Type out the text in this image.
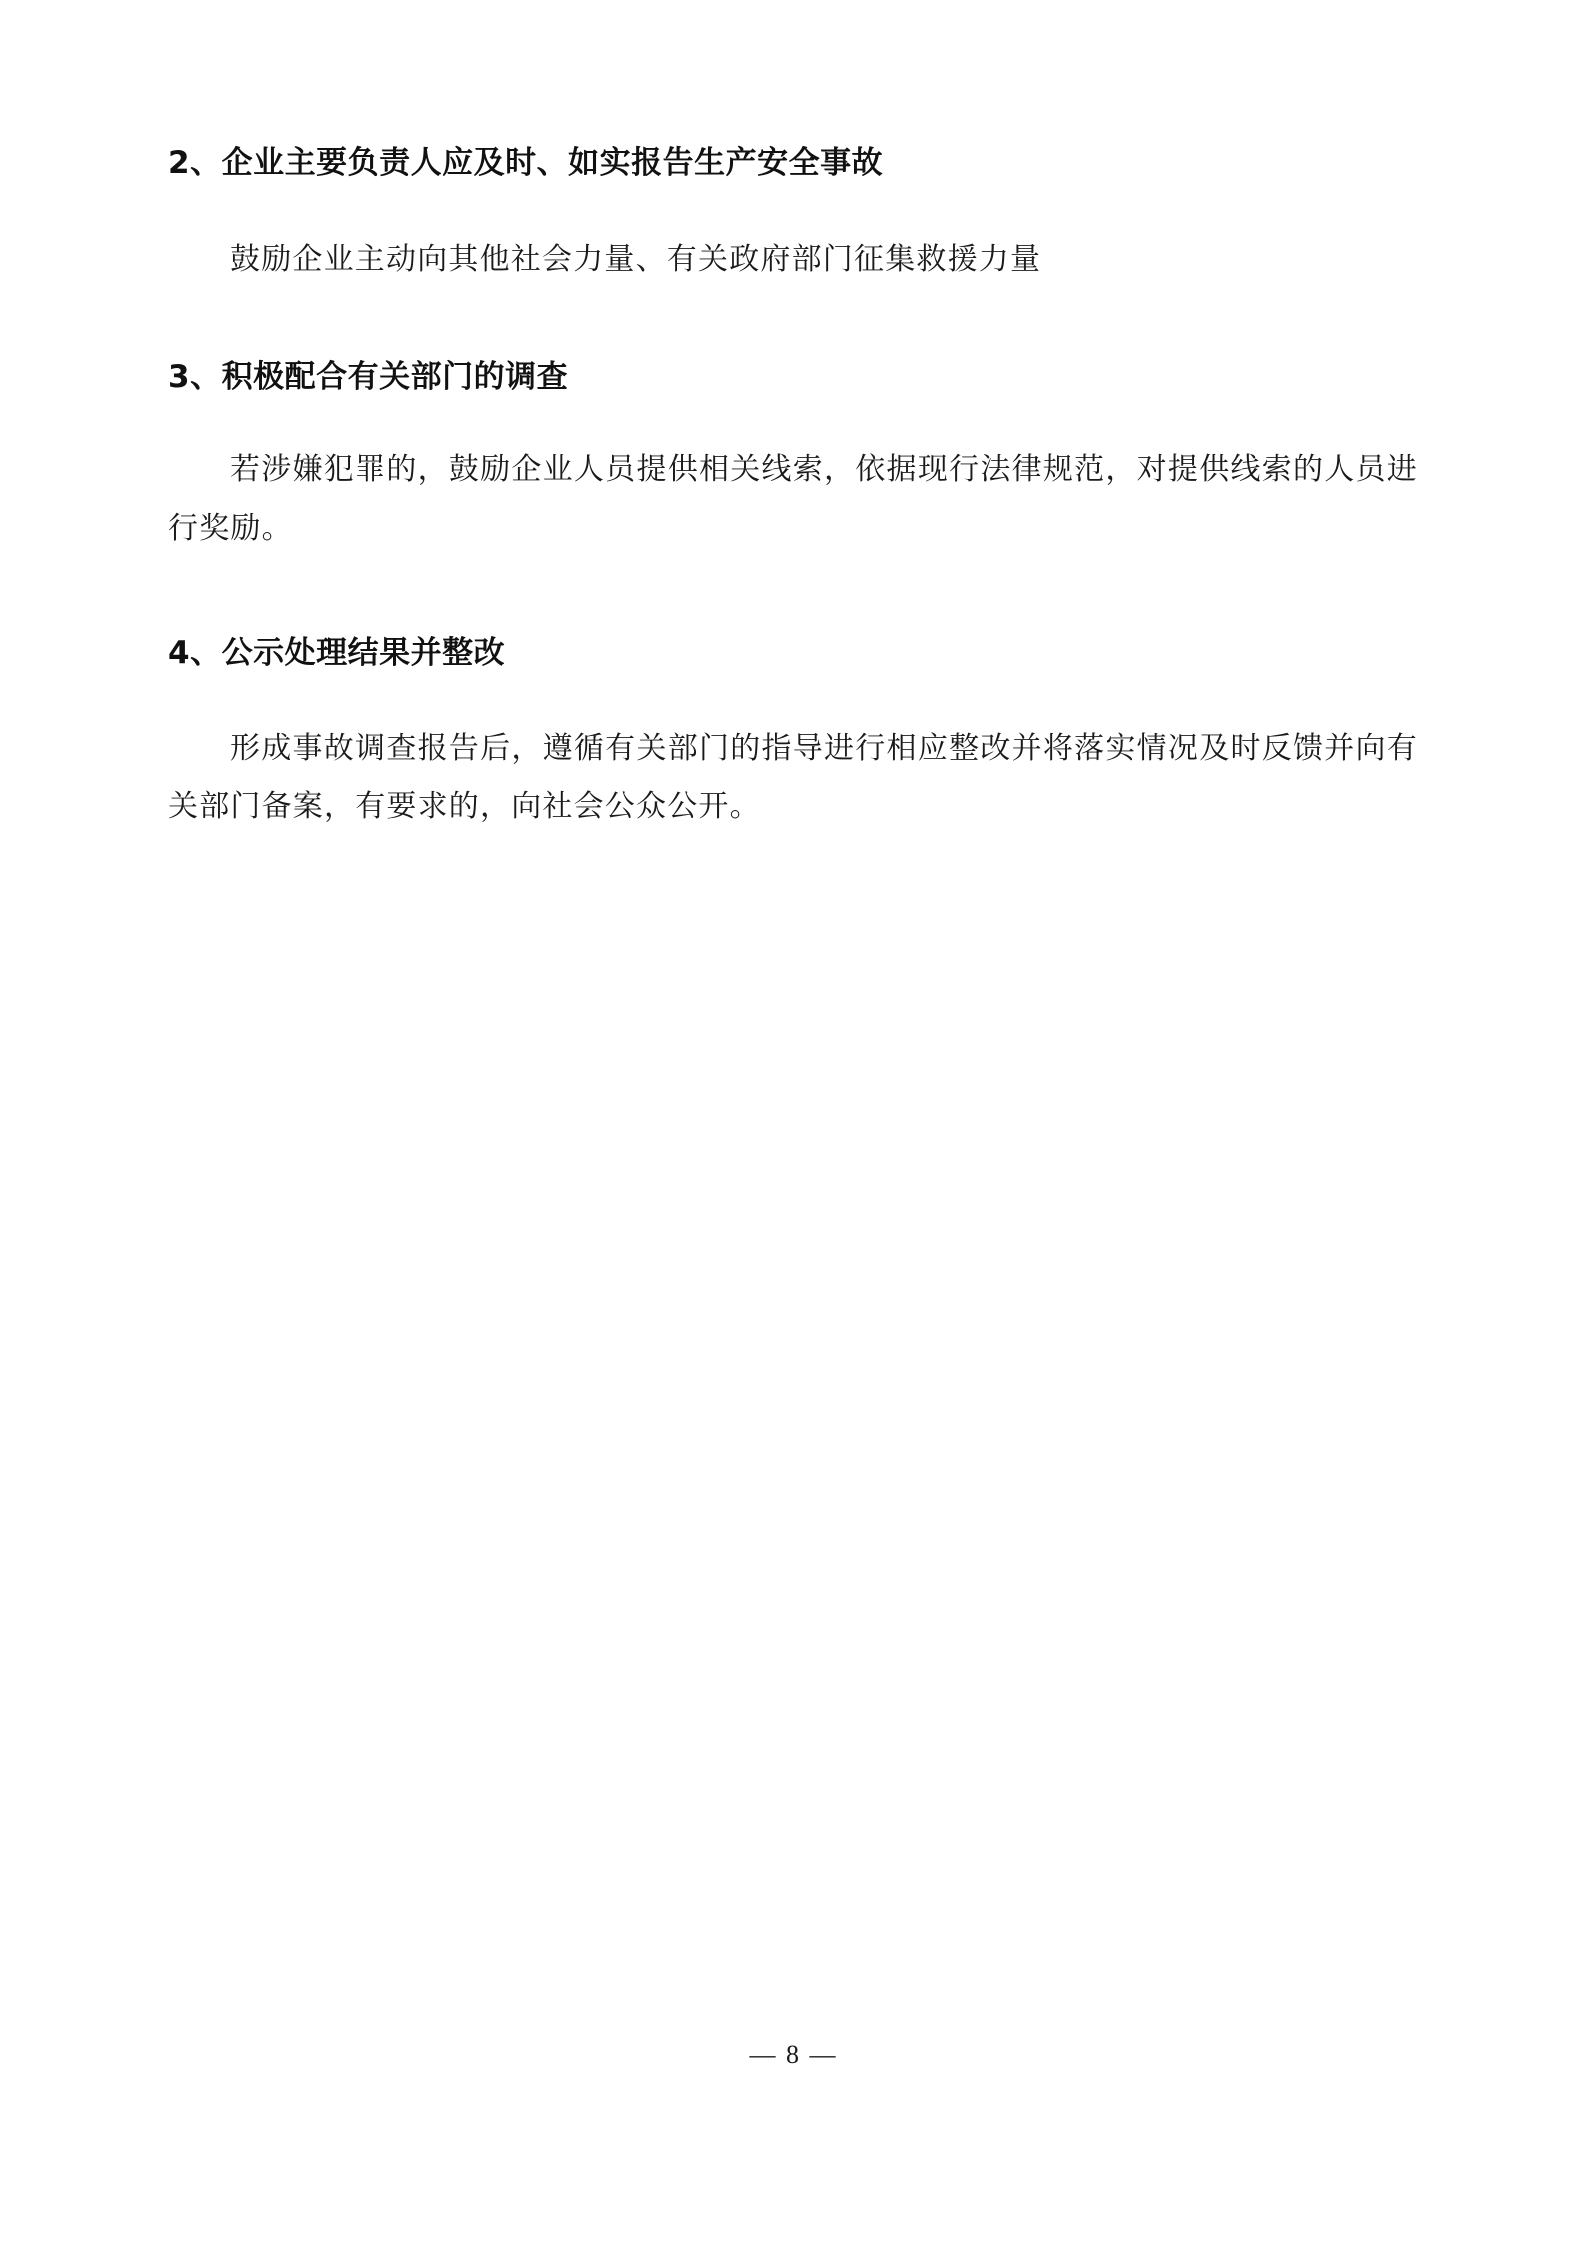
2、企业主要负责人应及时、如实报告生产安全事故

鼓励企业主动向其他社会力量、有关政府部门征集救援力量

3、积极配合有关部门的调查

若涉嫌犯罪的，鼓励企业人员提供相关线索，依据现行法律规范，对提供线索的人员进行奖励。

4、公示处理结果并整改

形成事故调查报告后，遵循有关部门的指导进行相应整改并将落实情况及时反馈并向有关部门备案，有要求的，向社会公众公开。

— 8 —
